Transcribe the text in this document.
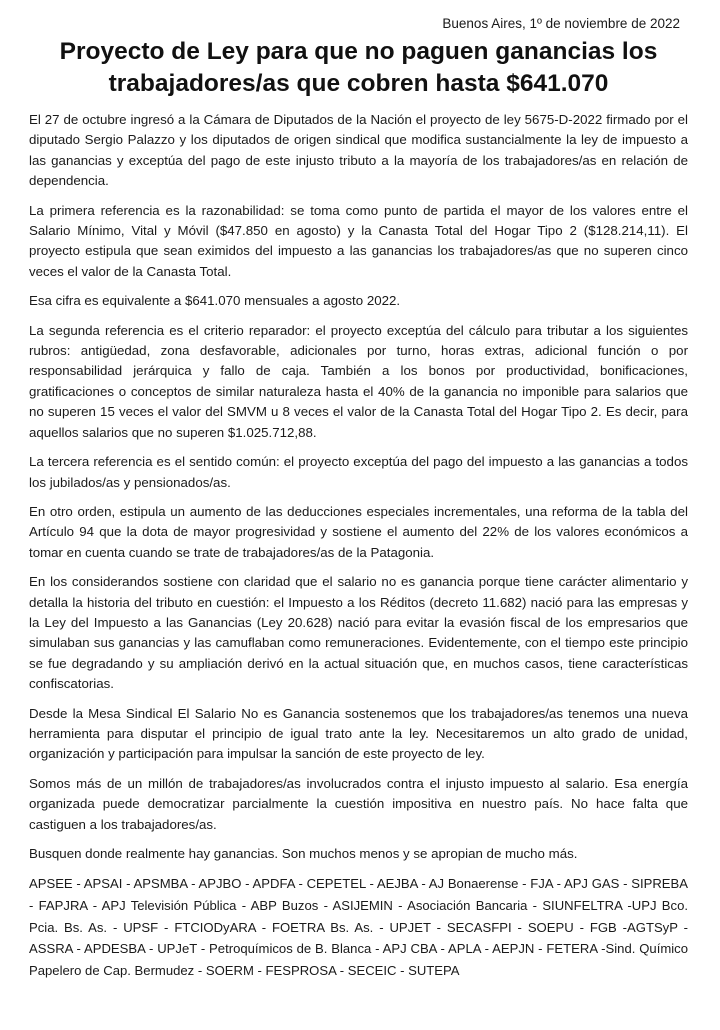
Buenos Aires, 1º de noviembre de 2022
Proyecto de Ley para que no paguen ganancias los
trabajadores/as que cobren hasta $641.070

El 27 de octubre ingresó a la Cámara de Diputados de la Nación el proyecto de ley 5675-D-2022 firmado por el diputado Sergio Palazzo y los diputados de origen sindical que modifica sustancialmente la ley de impuesto a las ganancias y exceptúa del pago de este injusto tributo a la mayoría de los trabajadores/as en relación de dependencia.

La primera referencia es la razonabilidad: se toma como punto de partida el mayor de los valores entre el Salario Mínimo, Vital y Móvil ($47.850 en agosto) y la Canasta Total del Hogar Tipo 2 ($128.214,11). El proyecto estipula que sean eximidos del impuesto a las ganancias los trabajadores/as que no superen cinco veces el valor de la Canasta Total.

Esa cifra es equivalente a $641.070 mensuales a agosto 2022.

La segunda referencia es el criterio reparador: el proyecto exceptúa del cálculo para tributar a los siguientes rubros: antigüedad, zona desfavorable, adicionales por turno, horas extras, adicional función o por responsabilidad jerárquica y fallo de caja. También a los bonos por productividad, bonificaciones, gratificaciones o conceptos de similar naturaleza hasta el 40% de la ganancia no imponible para salarios que no superen 15 veces el valor del SMVM u 8 veces el valor de la Canasta Total del Hogar Tipo 2. Es decir, para aquellos salarios que no superen $1.025.712,88.

La tercera referencia es el sentido común: el proyecto exceptúa del pago del impuesto a las ganancias a todos los jubilados/as y pensionados/as.

En otro orden, estipula un aumento de las deducciones especiales incrementales, una reforma de la tabla del Artículo 94 que la dota de mayor progresividad y sostiene el aumento del 22% de los valores económicos a tomar en cuenta cuando se trate de trabajadores/as de la Patagonia.

En los considerandos sostiene con claridad que el salario no es ganancia porque tiene carácter alimentario y detalla la historia del tributo en cuestión: el Impuesto a los Réditos (decreto 11.682) nació para las empresas y la Ley del Impuesto a las Ganancias (Ley 20.628) nació para evitar la evasión fiscal de los empresarios que simulaban sus ganancias y las camuflaban como remuneraciones. Evidentemente, con el tiempo este principio se fue degradando y su ampliación derivó en la actual situación que, en muchos casos, tiene características confiscatorias.

Desde la Mesa Sindical El Salario No es Ganancia sostenemos que los trabajadores/as tenemos una nueva herramienta para disputar el principio de igual trato ante la ley. Necesitaremos un alto grado de unidad, organización y participación para impulsar la sanción de este proyecto de ley.

Somos más de un millón de trabajadores/as involucrados contra el injusto impuesto al salario. Esa energía organizada puede democratizar parcialmente la cuestión impositiva en nuestro país. No hace falta que castiguen a los trabajadores/as.

Busquen donde realmente hay ganancias. Son muchos menos y se apropian de mucho más.

APSEE - APSAI - APSMBA - APJBO - APDFA - CEPETEL - AEJBA - AJ Bonaerense - FJA - APJ GAS - SIPREBA - FAPJRA - APJ Televisión Pública - ABP Buzos - ASIJEMIN - Asociación Bancaria - SIUNFELTRA -UPJ Bco. Pcia. Bs. As. - UPSF - FTCIODyARA - FOETRA Bs. As. - UPJET - SECASFPI - SOEPU - FGB -AGTSyP - ASSRA - APDESBA - UPJeT - Petroquímicos de B. Blanca - APJ CBA - APLA - AEPJN - FETERA -Sind. Químico Papelero de Cap. Bermudez - SOERM - FESPROSA - SECEIC - SUTEPA
